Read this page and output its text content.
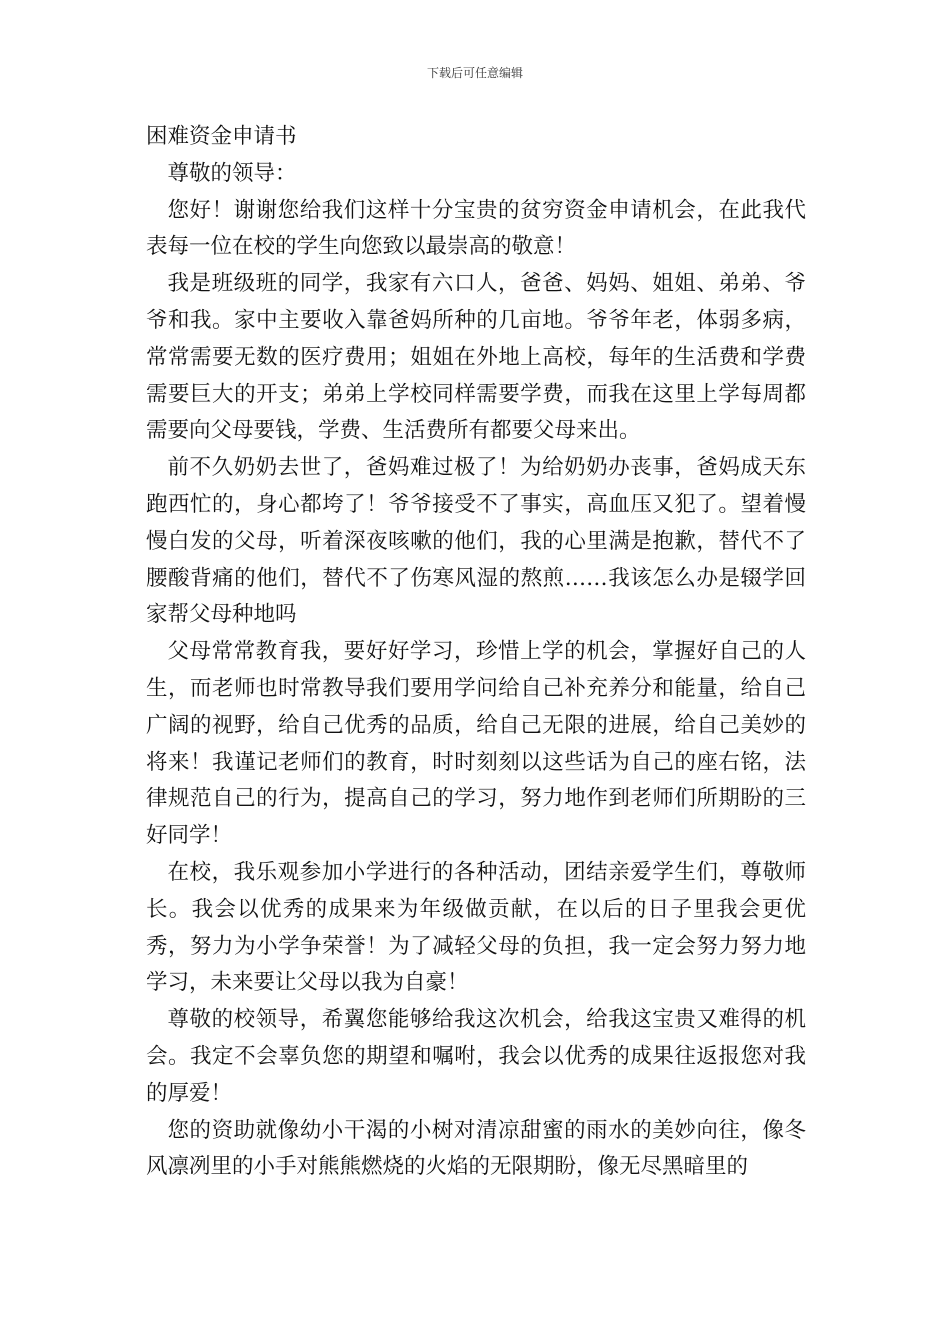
下载后可任意编辑
困难资金申请书

尊敬的领导：

您好！谢谢您给我们这样十分宝贵的贫穷资金申请机会，在此我代表每一位在校的学生向您致以最崇高的敬意！

我是班级班的同学，我家有六口人，爸爸、妈妈、姐姐、弟弟、爷爷和我。家中主要收入靠爸妈所种的几亩地。爷爷年老，体弱多病，常常需要无数的医疗费用；姐姐在外地上高校，每年的生活费和学费需要巨大的开支；弟弟上学校同样需要学费，而我在这里上学每周都需要向父母要钱，学费、生活费所有都要父母来出。

前不久奶奶去世了，爸妈难过极了！为给奶奶办丧事，爸妈成天东跑西忙的，身心都垮了！爷爷接受不了事实，高血压又犯了。望着慢慢白发的父母，听着深夜咳嗽的他们，我的心里满是抱歉，替代不了腰酸背痛的他们，替代不了伤寒风湿的熬煎……我该怎么办是辍学回家帮父母种地吗

父母常常教育我，要好好学习，珍惜上学的机会，掌握好自己的人生，而老师也时常教导我们要用学问给自己补充养分和能量，给自己广阔的视野，给自己优秀的品质，给自己无限的进展，给自己美妙的将来！我谨记老师们的教育，时时刻刻以这些话为自己的座右铭，法律规范自己的行为，提高自己的学习，努力地作到老师们所期盼的三好同学！

在校，我乐观参加小学进行的各种活动，团结亲爱学生们，尊敬师长。我会以优秀的成果来为年级做贡献，在以后的日子里我会更优秀，努力为小学争荣誉！为了减轻父母的负担，我一定会努力努力地学习，未来要让父母以我为自豪！

尊敬的校领导，希翼您能够给我这次机会，给我这宝贵又难得的机会。我定不会辜负您的期望和嘱咐，我会以优秀的成果往返报您对我的厚爱！

您的资助就像幼小干渴的小树对清凉甜蜜的雨水的美妙向往，像冬风凛冽里的小手对熊熊燃烧的火焰的无限期盼，像无尽黑暗里的
